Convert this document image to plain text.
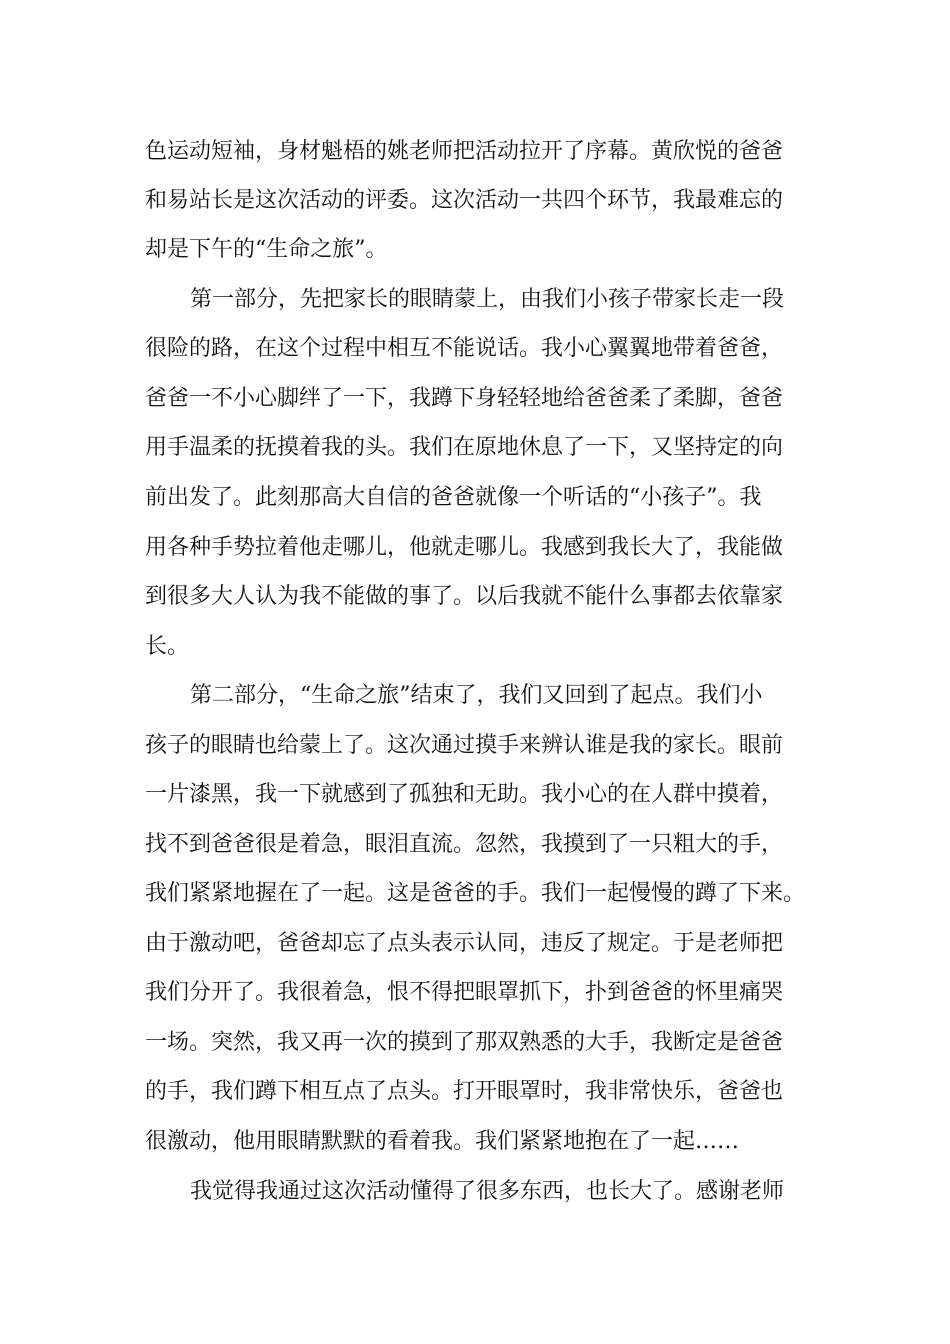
色运动短袖，身材魁梧的姚老师把活动拉开了序幕。黄欣悦的爸爸
和易站长是这次活动的评委。这次活动一共四个环节，我最难忘的
却是下午的“生命之旅”。
第一部分，先把家长的眼睛蒙上，由我们小孩子带家长走一段
很险的路，在这个过程中相互不能说话。我小心翼翼地带着爸爸，
爸爸一不小心脚绊了一下，我蹲下身轻轻地给爸爸柔了柔脚，爸爸
用手温柔的抚摸着我的头。我们在原地休息了一下，又坚持定的向
前出发了。此刻那高大自信的爸爸就像一个听话的“小孩子”。我
用各种手势拉着他走哪儿，他就走哪儿。我感到我长大了，我能做
到很多大人认为我不能做的事了。以后我就不能什么事都去依靠家
长。
第二部分，“生命之旅”结束了，我们又回到了起点。我们小
孩子的眼睛也给蒙上了。这次通过摸手来辨认谁是我的家长。眼前
一片漆黑，我一下就感到了孤独和无助。我小心的在人群中摸着，
找不到爸爸很是着急，眼泪直流。忽然，我摸到了一只粗大的手，
我们紧紧地握在了一起。这是爸爸的手。我们一起慢慢的蹲了下来。
由于激动吧，爸爸却忘了点头表示认同，违反了规定。于是老师把
我们分开了。我很着急，恨不得把眼罩抓下，扑到爸爸的怀里痛哭
一场。突然，我又再一次的摸到了那双熟悉的大手，我断定是爸爸
的手，我们蹲下相互点了点头。打开眼罩时，我非常快乐，爸爸也
很激动，他用眼睛默默的看着我。我们紧紧地抱在了一起……
我觉得我通过这次活动懂得了很多东西，也长大了。感谢老师
